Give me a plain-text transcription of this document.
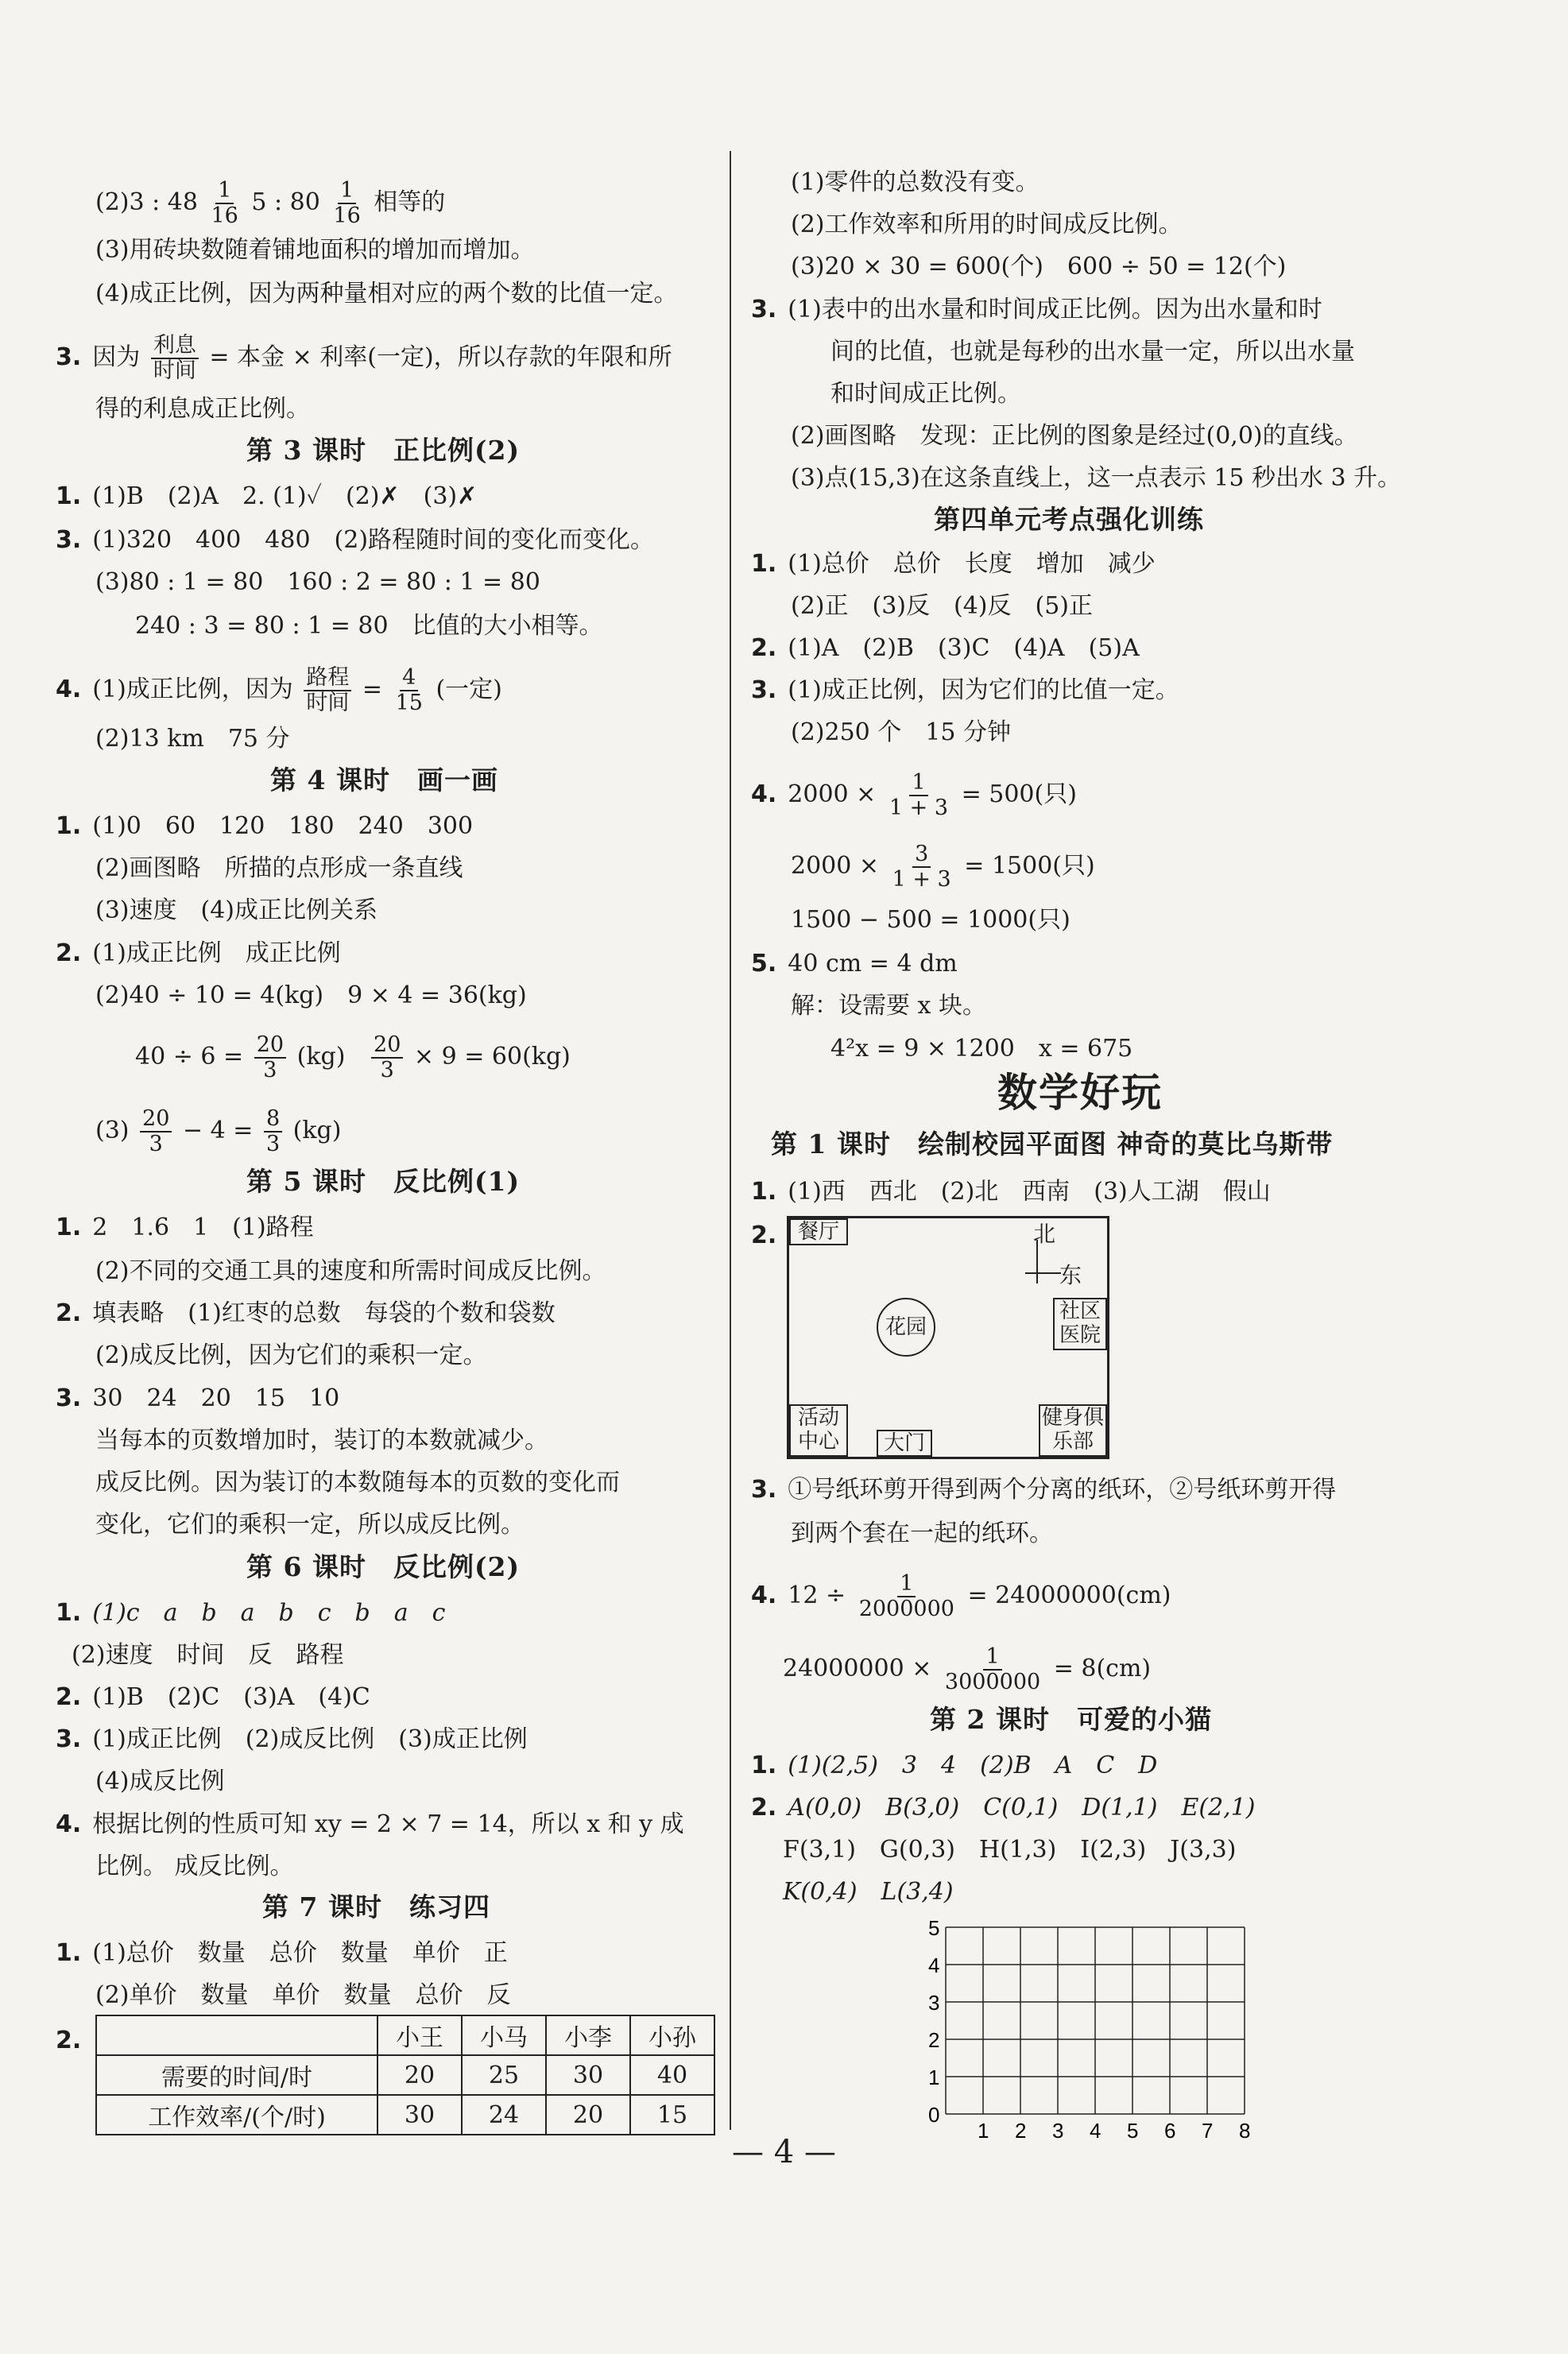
(2)3 : $48 \frac{1}{16} 5$ : $80 \frac{1}{16}$ 相等的
(3)用砖块数随着铺地面积的增加而增加。
(4)成正比例，因为两种量相对应的两个数的比值一定。
3. 因为 $\frac{\text{利息}}{\text{时间}}$ = 本金 × 利率(一定)，所以存款的年限和所
得的利息成正比例。
第 3 课时　正比例(2)
1. (1)B　(2)A　2. (1)✓　(2)✗　(3)✗
3. (1)320　400　480　(2)路程随时间的变化而变化。
(3)80 : 1 = 80　160 : 2 = 80 : 1 = 80
240 : 3 = 80 : 1 = 80　比值的大小相等。
4. (1)成正比例，因为 $\frac{\text{路程}}{\text{时间}} = \frac{4}{15}$ (一定)
(2)13 km　75 分
第 4 课时　画一画
1. (1)0　60　120　180　240　300
(2)画图略　所描的点形成一条直线
(3)速度　(4)成正比例关系
2. (1)成正比例　成正比例
(2)40 ÷ 10 = 4(kg)　9 × 4 = 36(kg)
$40 \div 6 = \frac{20}{3} (kg) \frac{20}{3} \times 9 = 60(kg)$
$(3) \frac{20}{3} - 4 = \frac{8}{3} (kg)$
第 5 课时　反比例(1)
1. 2　1.6　1　(1)路程
(2)不同的交通工具的速度和所需时间成反比例。
2. 填表略　(1)红枣的总数　每袋的个数和袋数
(2)成反比例，因为它们的乘积一定。
3. 30　24　20　15　10
当每本的页数增加时，装订的本数就减少。
成反比例。因为装订的本数随每本的页数的变化而
变化，它们的乘积一定，所以成反比例。
第 6 课时　反比例(2)
1. (1)c　a　b　a　b　c　b　a　c
(2)速度　时间　反　路程
2. (1)B　(2)C　(3)A　(4)C
3. (1)成正比例　(2)成反比例　(3)成正比例
(4)成反比例
4. 根据比例的性质可知 xy = 2 × 7 = 14，所以 x 和 y 成
比例。 成反比例。
第 7 课时　练习四
1. (1)总价　数量　总价　数量　单价　正
(2)单价　数量　单价　数量　总价　反
2.
		小王	小马	小李	小孙
需要的时间/时	20	25	30	40
工作效率/(个/时)	30	24	20	15
(1)零件的总数没有变。
(2)工作效率和所用的时间成反比例。
(3)20 × 30 = 600(个)　600 ÷ 50 = 12(个)
3. (1)表中的出水量和时间成正比例。因为出水量和时
间的比值，也就是每秒的出水量一定，所以出水量
和时间成正比例。
(2)画图略　发现：正比例的图象是经过(0,0)的直线。
(3)点(15,3)在这条直线上，这一点表示 15 秒出水 3 升。
第四单元考点强化训练
1. (1)总价　总价　长度　增加　减少
(2)正　(3)反　(4)反　(5)正
2. (1)A　(2)B　(3)C　(4)A　(5)A
3. (1)成正比例，因为它们的比值一定。
(2)250 个　15 分钟
4. $2000 \times \frac{1}{1 + 3} = 500$(只)
$2000 \times \frac{3}{1 + 3} = 1500$(只)
1500 − 500 = 1000(只)
5. 40 cm = 4 dm
解：设需要 x 块。
4²x = 9 × 1200　x = 675
数学好玩
第 1 课时　绘制校园平面图 神奇的莫比乌斯带
1. (1)西　西北　(2)北　西南　(3)人工湖　假山
2.	餐厅
花园
社区医院
活动中心	大门
健身俱乐部
北
东
3. ①号纸环剪开得到两个分离的纸环，②号纸环剪开得
到两个套在一起的纸环。
4. $12 \div \frac{1}{2000000} = 24000000(cm)$
$24000000 \times \frac{1}{3000000} = 8(cm)$
第 2 课时　可爱的小猫
1. (1)(2,5)　3　4　(2)B　A　C　D
2. A(0,0)　B(3,0)　C(0,1)　D(1,1)　E(2,1)
F(3,1)　G(0,3)　H(1,3)　I(2,3)　J(3,3)
K(0,4)　L(3,4)
0
1 2 3 4 5 6 7 8
1
2
3
4
5
— 4 —
